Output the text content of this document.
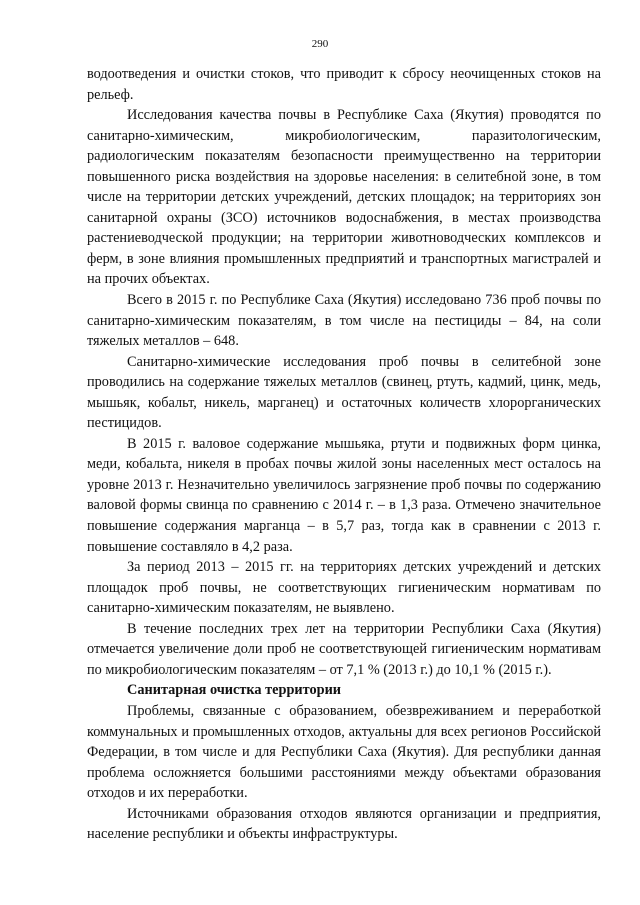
290

водоотведения и очистки стоков, что приводит к сбросу неочищенных стоков на рельеф.

Исследования качества почвы в Республике Саха (Якутия) проводятся по санитарно-химическим, микробиологическим, паразитологическим, радиологическим показателям безопасности преимущественно на территории повышенного риска воздействия на здоровье населения: в селитебной зоне, в том числе на территории детских учреждений, детских площадок; на территориях зон санитарной охраны (ЗСО) источников водоснабжения, в местах производства растениеводческой продукции; на территории животноводческих комплексов и ферм, в зоне влияния промышленных предприятий и транспортных магистралей и на прочих объектах.

Всего в 2015 г. по Республике Саха (Якутия) исследовано 736 проб почвы по санитарно-химическим показателям, в том числе на пестициды – 84, на соли тяжелых металлов – 648.

Санитарно-химические исследования проб почвы в селитебной зоне проводились на содержание тяжелых металлов (свинец, ртуть, кадмий, цинк, медь, мышьяк, кобальт, никель, марганец) и остаточных количеств хлорорганических пестицидов.

В 2015 г. валовое содержание мышьяка, ртути и подвижных форм цинка, меди, кобальта, никеля в пробах почвы жилой зоны населенных мест осталось на уровне 2013 г. Незначительно увеличилось загрязнение проб почвы по содержанию валовой формы свинца по сравнению с 2014 г. – в 1,3 раза. Отмечено значительное повышение содержания марганца – в 5,7 раз, тогда как в сравнении с 2013 г. повышение составляло в 4,2 раза.

За период 2013 – 2015 гг. на территориях детских учреждений и детских площадок проб почвы, не соответствующих гигиеническим нормативам по санитарно-химическим показателям, не выявлено.

В течение последних трех лет на территории Республики Саха (Якутия) отмечается увеличение доли проб не соответствующей гигиеническим нормативам по микробиологическим показателям – от 7,1 % (2013 г.) до 10,1 % (2015 г.).

Санитарная очистка территории

Проблемы, связанные с образованием, обезвреживанием и переработкой коммунальных и промышленных отходов, актуальны для всех регионов Российской Федерации, в том числе и для Республики Саха (Якутия). Для республики данная проблема осложняется большими расстояниями между объектами образования отходов и их переработки.

Источниками образования отходов являются организации и предприятия, население республики и объекты инфраструктуры.
